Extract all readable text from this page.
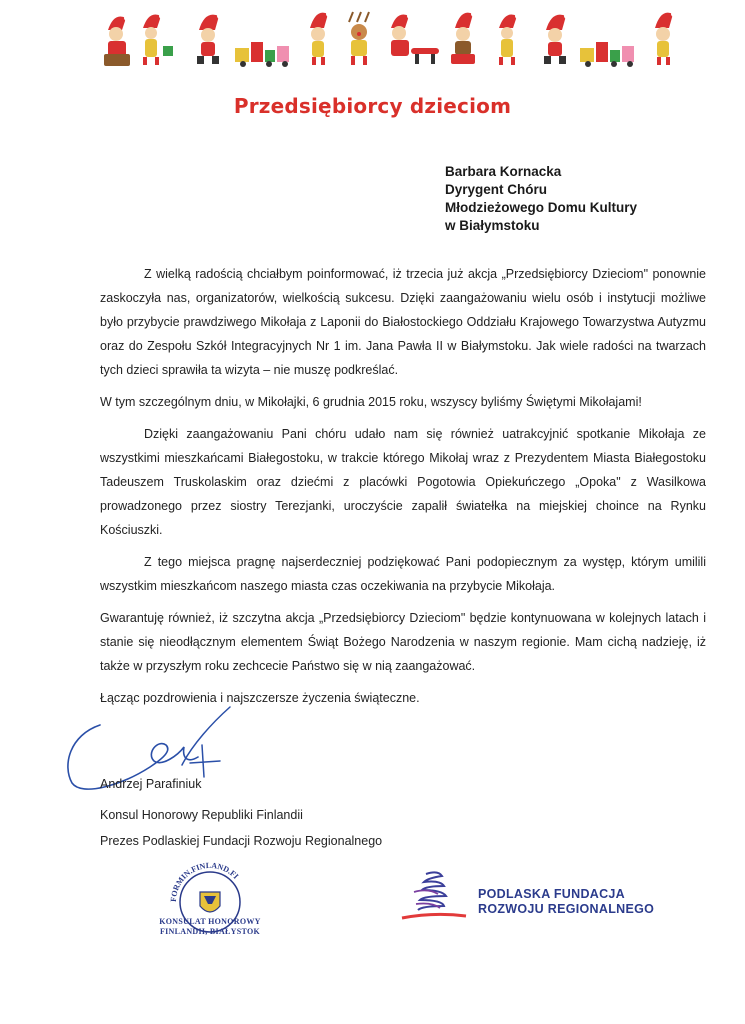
Przedsiębiorcy dzieciom
Barbara Kornacka
Dyrygent Chóru
Młodzieżowego Domu Kultury
w Białymstoku

Z wielką radością chciałbym poinformować, iż trzecia już akcja „Przedsiębiorcy Dzieciom" ponownie zaskoczyła nas, organizatorów, wielkością sukcesu. Dzięki zaangażowaniu wielu osób i instytucji możliwe było przybycie prawdziwego Mikołaja z Laponii do Białostockiego Oddziału Krajowego Towarzystwa Autyzmu oraz do Zespołu Szkół Integracyjnych Nr 1 im. Jana Pawła II w Białymstoku. Jak wiele radości na twarzach tych dzieci sprawiła ta wizyta – nie muszę podkreślać.

W tym szczególnym dniu, w Mikołajki, 6 grudnia 2015 roku, wszyscy byliśmy Świętymi Mikołajami!

Dzięki zaangażowaniu Pani chóru udało nam się również uatrakcyjnić spotkanie Mikołaja ze wszystkimi mieszkańcami Białegostoku, w trakcie którego Mikołaj wraz z Prezydentem Miasta Białegostoku Tadeuszem Truskolaskim oraz dziećmi z placówki Pogotowia Opiekuńczego „Opoka" z Wasilkowa prowadzonego przez siostry Terezjanki, uroczyście zapalił światełka na miejskiej choince na Rynku Kościuszki.

Z tego miejsca pragnę najserdeczniej podziękować Pani podopiecznym za występ, którym umilili wszystkim mieszkańcom naszego miasta czas oczekiwania na przybycie Mikołaja.

Gwarantuję również, iż szczytna akcja „Przedsiębiorcy Dzieciom" będzie kontynuowana w kolejnych latach i stanie się nieodłącznym elementem Świąt Bożego Narodzenia w naszym regionie. Mam cichą nadzieję, iż także w przyszłym roku zechcecie Państwo się w nią zaangażować.

Łącząc pozdrowienia i najszczersze życzenia świąteczne.

Andrzej Parafiniuk
Konsul Honorowy Republiki Finlandii
Prezes Podlaskiej Fundacji Rozwoju Regionalnego
FORMIN.FINLAND.FI
KONSULAT HONOROWY
FINLANDII, BIAŁYSTOK
PODLASKA FUNDACJA
ROZWOJU REGIONALNEGO
